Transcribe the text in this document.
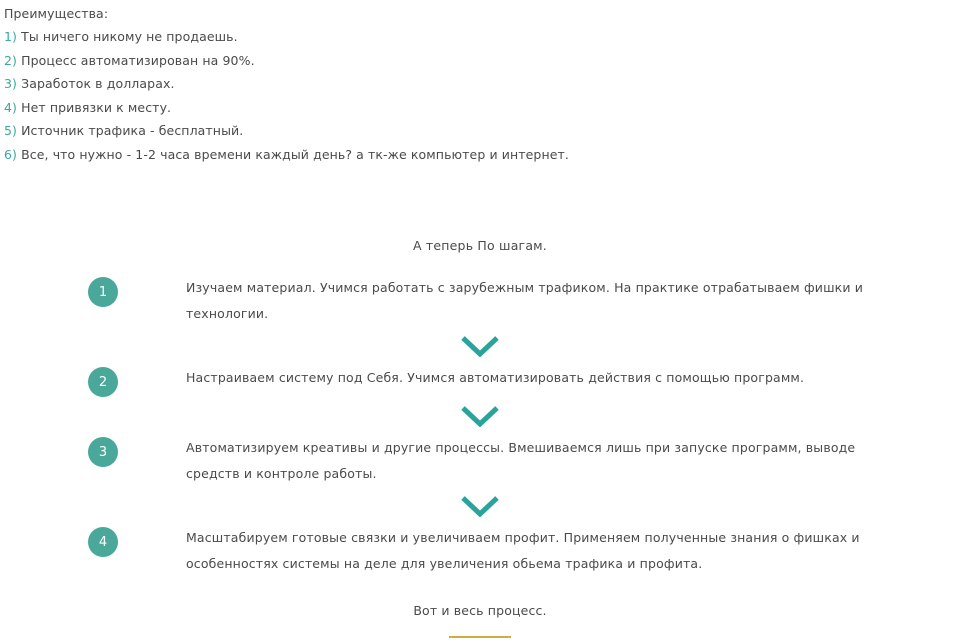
Преимущества:
1) Ты ничего никому не продаешь.
2) Процесс автоматизирован на 90%.
3) Заработок в долларах.
4) Нет привязки к месту.
5) Источник трафика - бесплатный.
6) Все, что нужно - 1-2 часа времени каждый день? а тк-же компьютер и интернет.
А теперь По шагам.
1	Изучаем материал. Учимся работать с зарубежным трафиком. На практике отрабатываем фишки и технологии.
2	Настраиваем систему под Себя. Учимся автоматизировать действия с помощью программ.
3	Автоматизируем креативы и другие процессы. Вмешиваемся лишь при запуске программ, выводе средств и контроле работы.
4	Масштабируем готовые связки и увеличиваем профит. Применяем полученные знания о фишках и особенностях системы на деле для увеличения обьема трафика и профита.
Вот и весь процесс.
